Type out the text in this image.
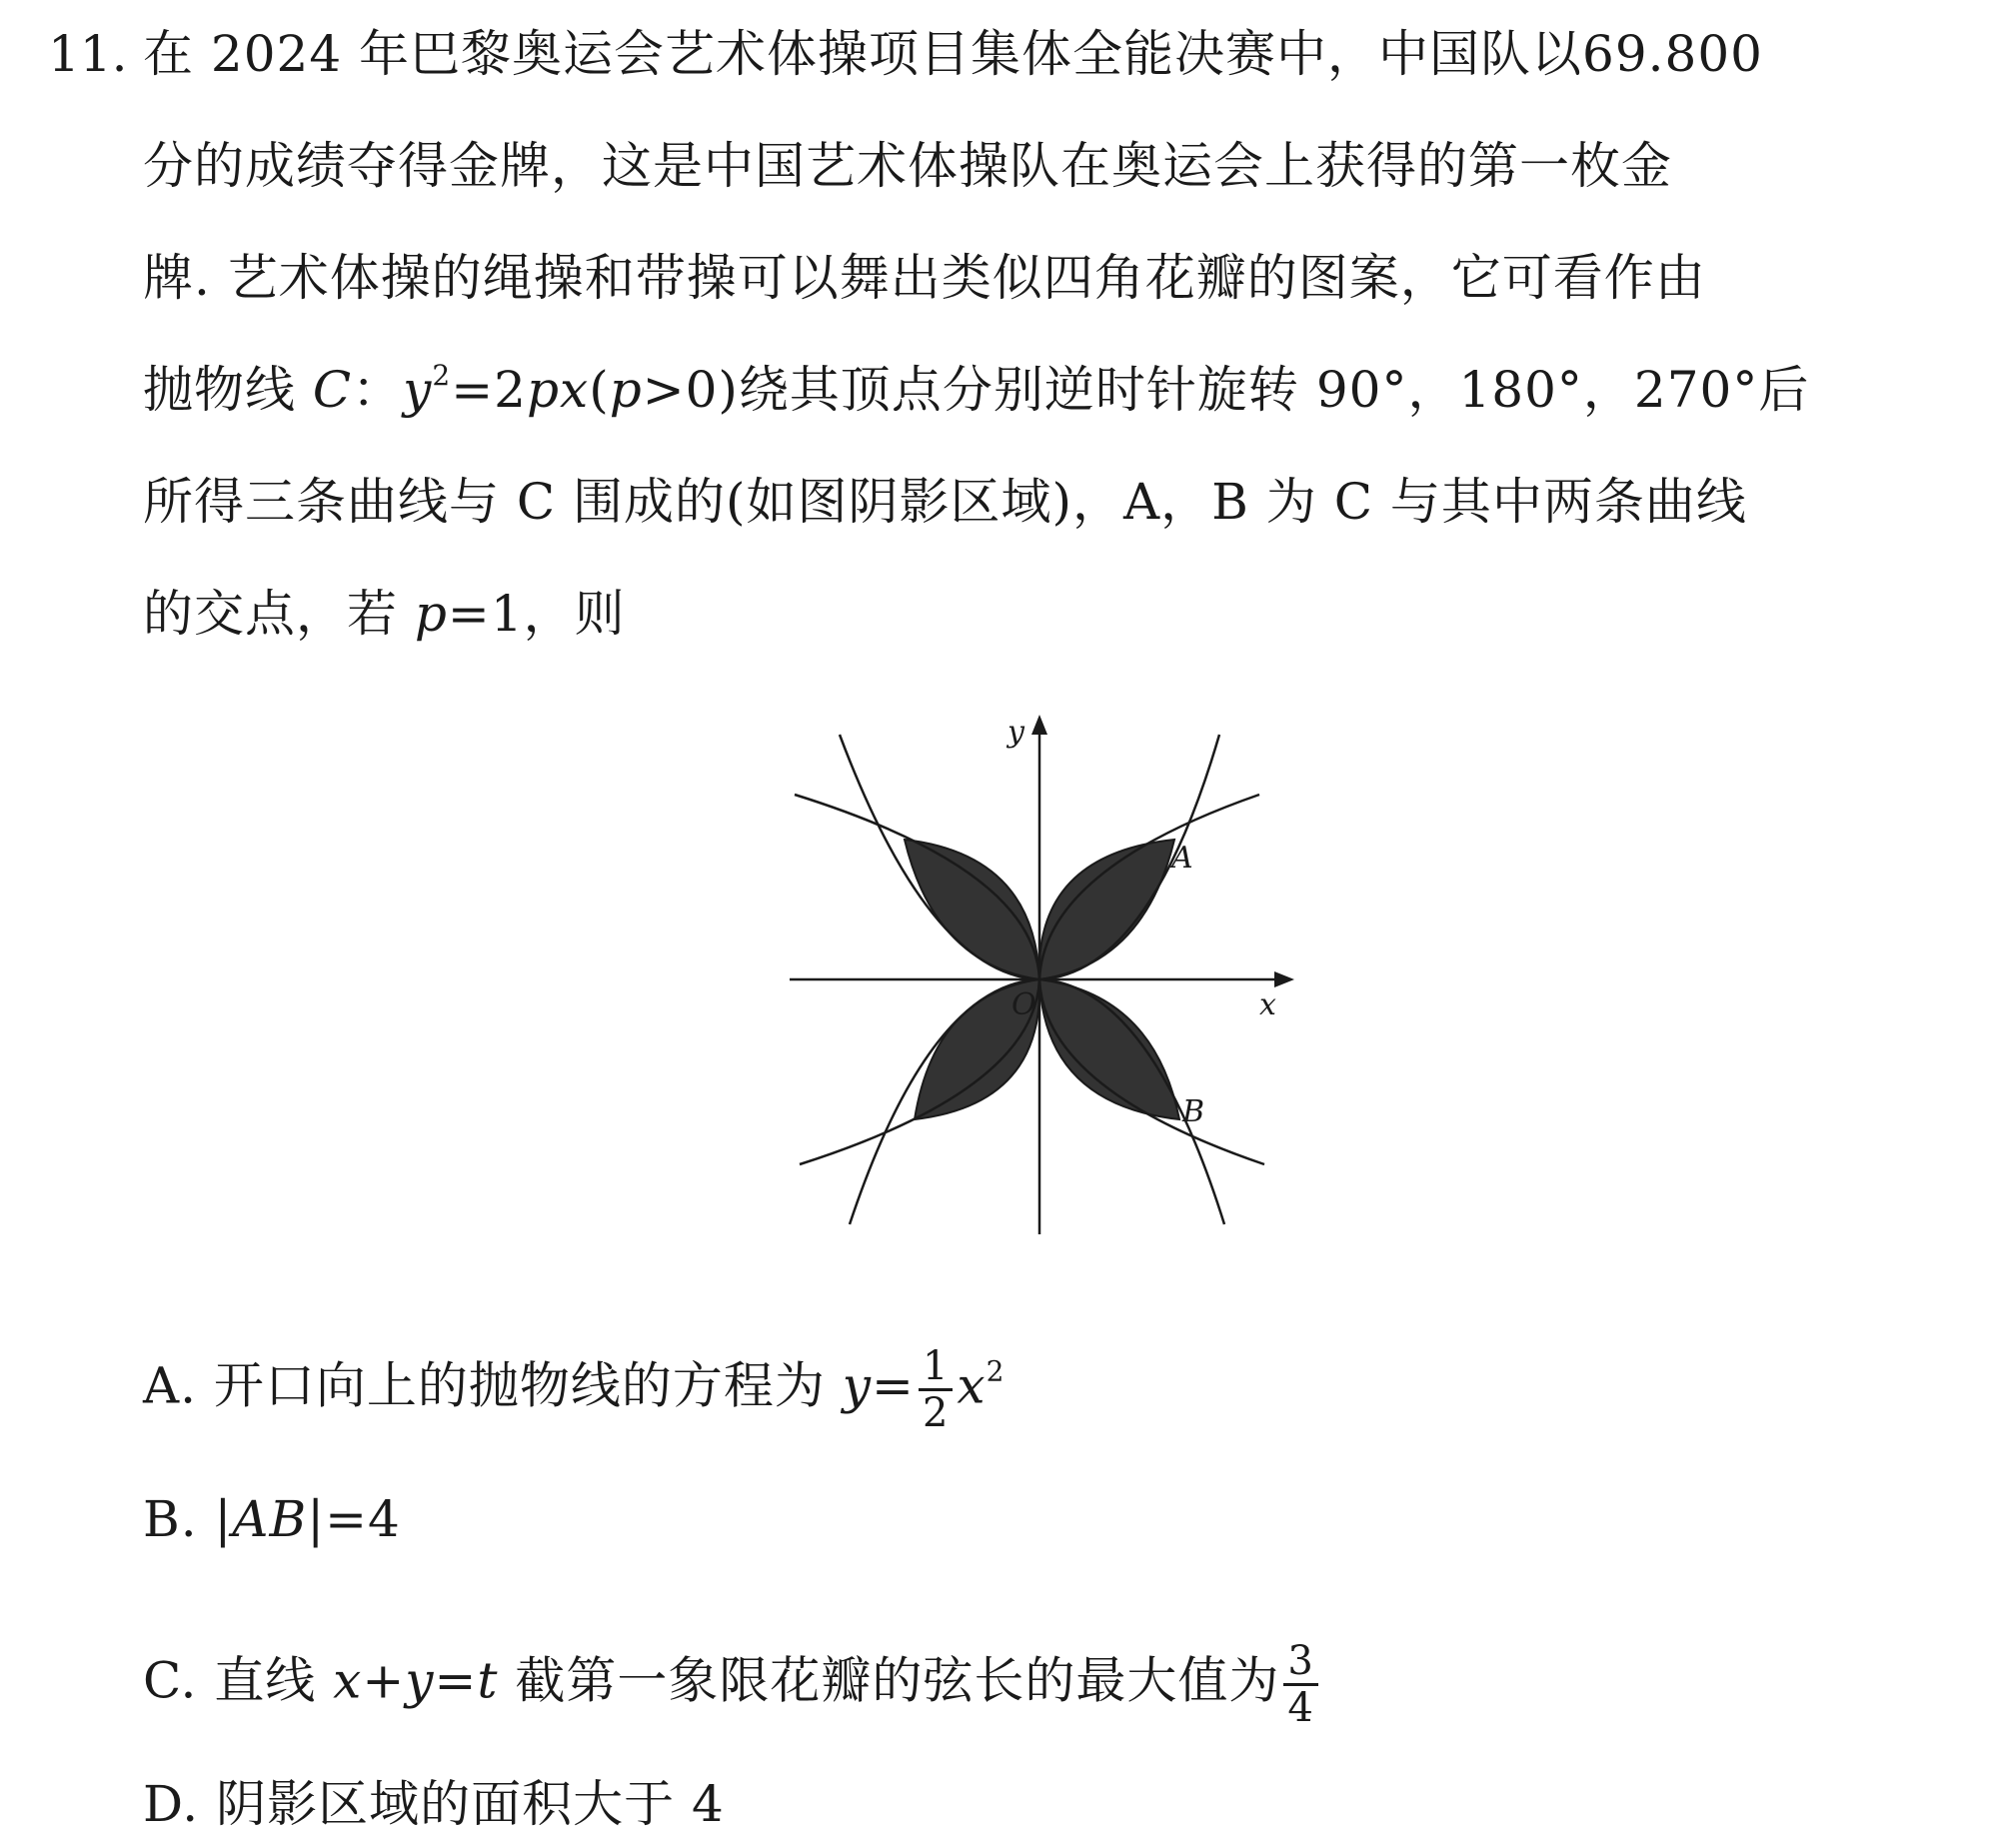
11. 在 2024 年巴黎奥运会艺术体操项目集体全能决赛中，中国队以69.800
分的成绩夺得金牌，这是中国艺术体操队在奥运会上获得的第一枚金
牌. 艺术体操的绳操和带操可以舞出类似四角花瓣的图案，它可看作由
抛物线 C：$y^2=2px(p>0)$绕其顶点分别逆时针旋转 90°，180°，270°后
所得三条曲线与 C 围成的(如图阴影区域)，A，B 为 C 与其中两条曲线
的交点，若 p=1，则
y
x
O
A
B
A. 开口向上的抛物线的方程为 $y= \frac{1}{2} x^2$
B. |AB|=4
C. 直线 x+y=t 截第一象限花瓣的弦长的最大值为 $\frac{3}{4}$
D. 阴影区域的面积大于 4
